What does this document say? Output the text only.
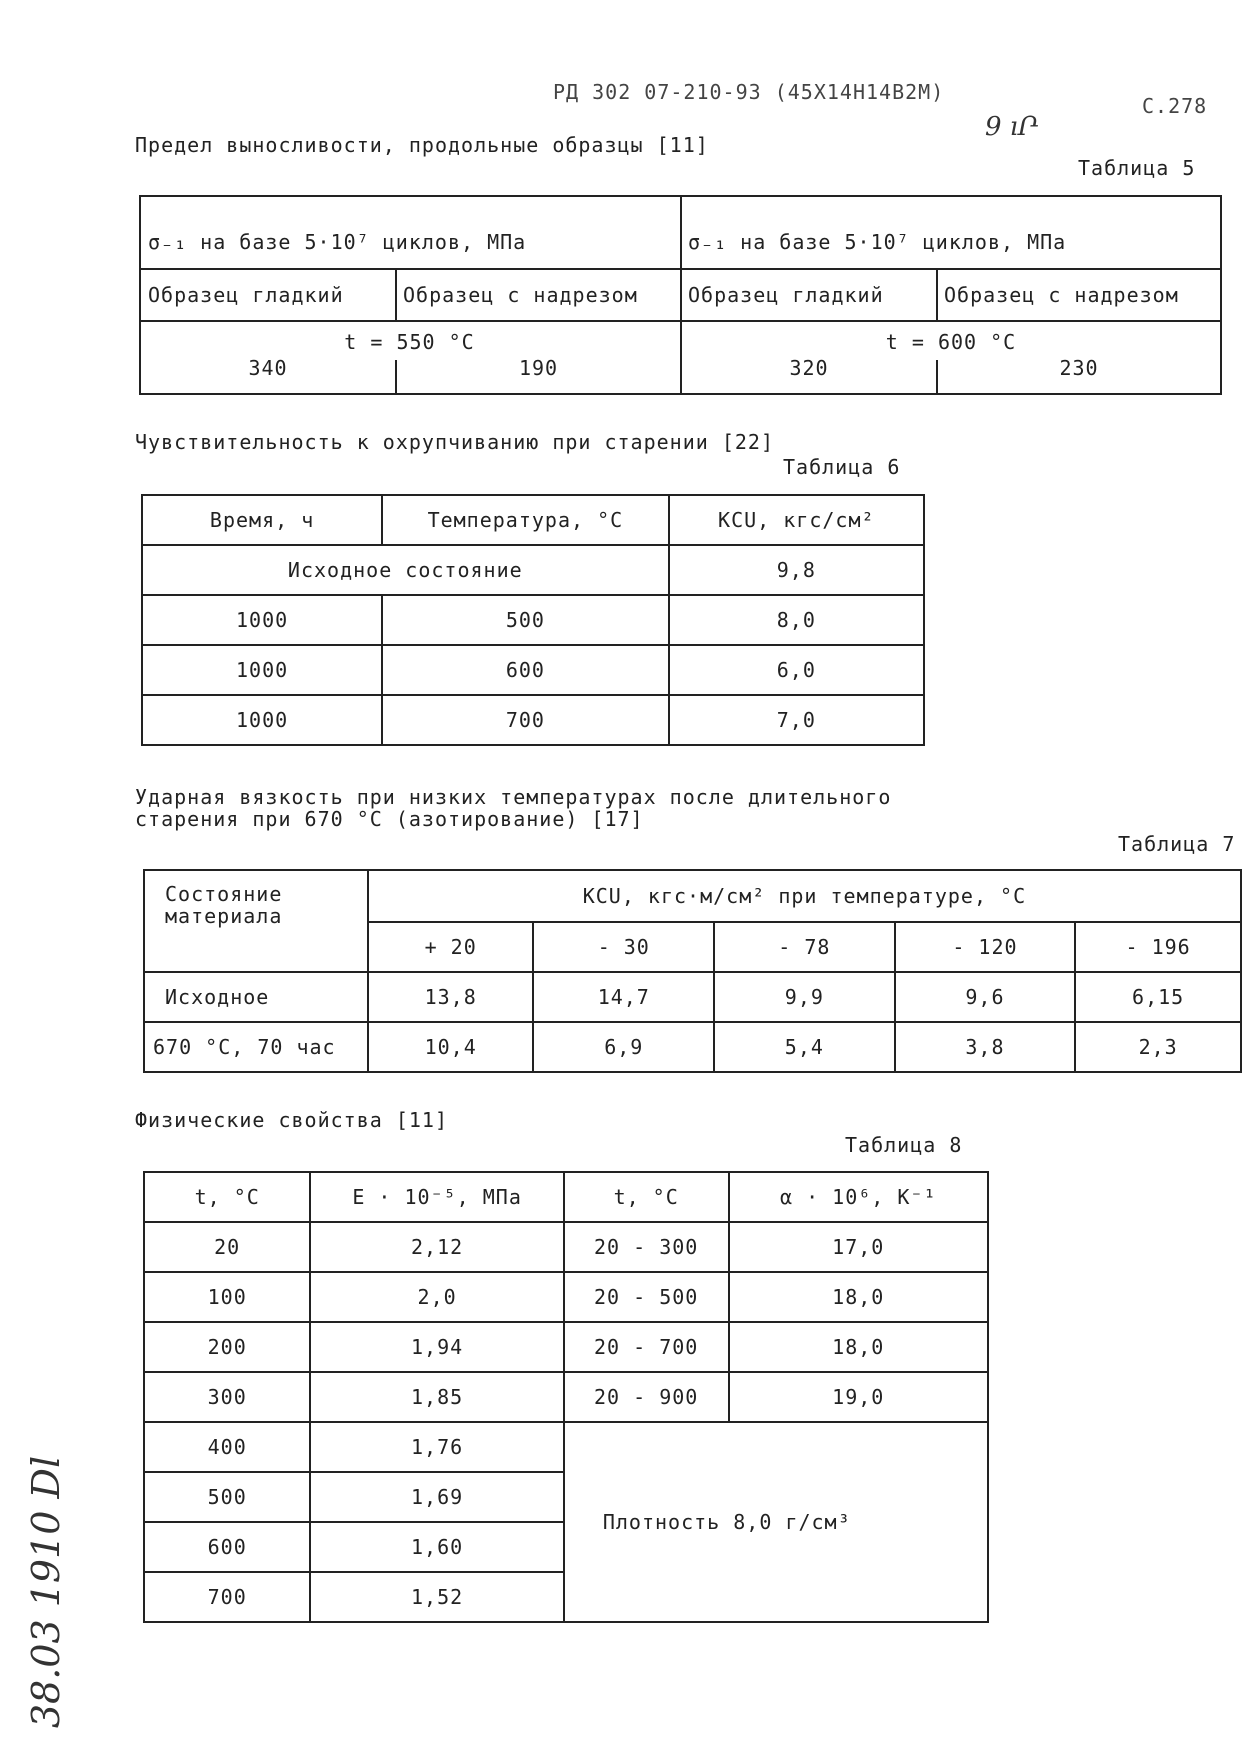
РД 302 07-210-93 (45Х14Н14В2М)
С.278
9 ıՐ
Предел выносливости, продольные образцы [11]
Таблица 5
σ₋₁ на базе 5·10⁷ циклов, МПа	σ₋₁ на базе 5·10⁷ циклов, МПа
Образец гладкий	Образец с надрезом	Образец гладкий	Образец с надрезом
t = 550 °C	t = 600 °C
340	190	320	230
Чувствительность к охрупчиванию при старении [22]
Таблица 6
Время, ч	Температура, °С	KCU, кгс/см²
Исходное состояние		9,8
1000	500	8,0
1000	600	6,0
1000	700	7,0
Ударная вязкость при низких температурах после длительного
старения при 670 °С (азотирование) [17]
Таблица 7
Состояние материала	KCU, кгс·м/см² при температуре, °С				
	+ 20	- 30	- 78	- 120	- 196
Исходное	13,8	14,7	9,9	9,6	6,15
670 °С, 70 час	10,4	6,9	5,4	3,8	2,3
Физические свойства [11]
Таблица 8
t, °С	E · 10⁻⁵, МПа	t, °С	α · 10⁶, К⁻¹
20	2,12	20 - 300	17,0
100	2,0	20 - 500	18,0
200	1,94	20 - 700	18,0
300	1,85	20 - 900	19,0
400	1,76	Плотность 8,0 г/см³	
500	1,69		
600	1,60		
700	1,52		
38.03 1910 Dl
